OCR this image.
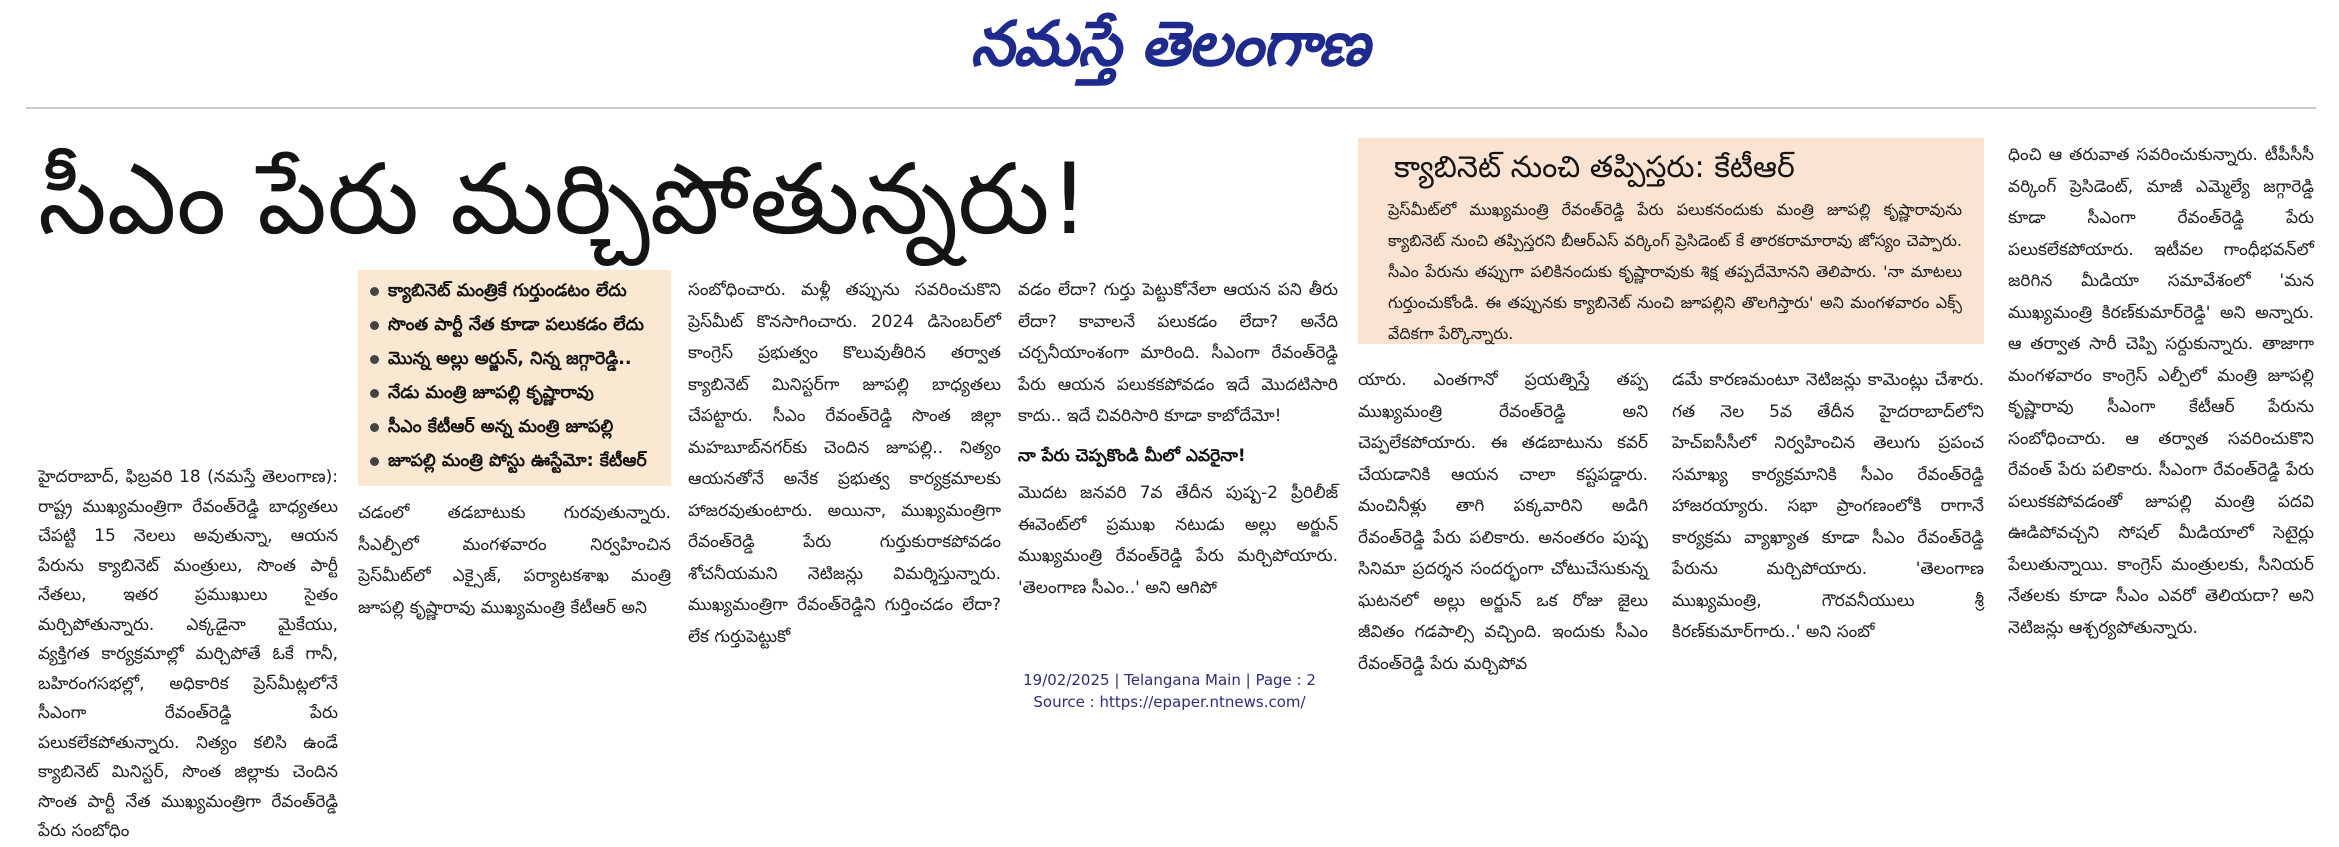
నమస్తే తెలంగాణ
సీఎం పేరు మర్చిపోతున్నరు!

హైదరాబాద్, ఫిబ్రవరి 18 (నమస్తే తెలంగాణ): రాష్ట్ర ముఖ్యమంత్రిగా రేవంత్‌రెడ్డి బాధ్యతలు చేపట్టి 15 నెలలు అవుతున్నా, ఆయన పేరును క్యాబినెట్ మంత్రులు, సొంత పార్టీ నేతలు, ఇతర ప్రముఖులు సైతం మర్చిపోతున్నారు. ఎక్కడైనా మైకేయు, వ్యక్తిగత కార్యక్రమాల్లో మర్చిపోతే ఓకే గానీ, బహిరంగసభల్లో, అధికారిక ప్రెస్‌మీట్లలోనే సీఎంగా రేవంత్‌రెడ్డి పేరు పలుకలేకపోతున్నారు. నిత్యం కలిసి ఉండే క్యాబినెట్ మినిస్టర్, సొంత జిల్లాకు చెందిన సొంత పార్టీ నేత ముఖ్యమంత్రిగా రేవంత్‌రెడ్డి పేరు సంబోధిం

క్యాబినెట్ మంత్రికే గుర్తుండటం లేదు
సొంత పార్టీ నేత కూడా పలుకడం లేదు
మొన్న అల్లు అర్జున్, నిన్న జగ్గారెడ్డి..
నేడు మంత్రి జూపల్లి కృష్ణారావు
సీఎం కేటీఆర్ అన్న మంత్రి జూపల్లి
జూపల్లి మంత్రి పోస్టు ఊస్టేమో: కేటీఆర్

చడంలో తడబాటుకు గురవుతున్నారు. సీఎల్పీలో మంగళవారం నిర్వహించిన ప్రెస్‌మీట్‌లో ఎక్సైజ్, పర్యాటకశాఖ మంత్రి జూపల్లి కృష్ణారావు ముఖ్యమంత్రి కేటీఆర్ అని

సంబోధించారు. మళ్లీ తప్పును సవరించుకొని ప్రెస్‌మీట్ కొనసాగించారు. 2024 డిసెంబర్‌లో కాంగ్రెస్ ప్రభుత్వం కొలువుతీరిన తర్వాత క్యాబినెట్ మినిస్టర్‌గా జూపల్లి బాధ్యతలు చేపట్టారు. సీఎం రేవంత్‌రెడ్డి సొంత జిల్లా మహబూబ్‌నగర్‌కు చెందిన జూపల్లి.. నిత్యం ఆయనతోనే అనేక ప్రభుత్వ కార్యక్రమాలకు హాజరవుతుంటారు. అయినా, ముఖ్యమంత్రిగా రేవంత్‌రెడ్డి పేరు గుర్తుకురాకపోవడం శోచనీయమని నెటిజన్లు విమర్శిస్తున్నారు. ముఖ్యమంత్రిగా రేవంత్‌రెడ్డిని గుర్తించడం లేదా? లేక గుర్తుపెట్టుకో

వడం లేదా? గుర్తు పెట్టుకోనేలా ఆయన పని తీరు లేదా? కావాలనే పలుకడం లేదా? అనేది చర్చనీయాంశంగా మారింది. సీఎంగా రేవంత్‌రెడ్డి పేరు ఆయన పలుకకపోవడం ఇదే మొదటిసారి కాదు.. ఇదే చివరిసారి కూడా కాబోదేమో!

నా పేరు చెప్పకొండి మీలో ఎవరైనా!

మొదట జనవరి 7వ తేదీన పుష్ప-2 ప్రీరిలీజ్ ఈవెంట్‌లో ప్రముఖ నటుడు అల్లు అర్జున్ ముఖ్యమంత్రి రేవంత్‌రెడ్డి పేరు మర్చిపోయారు. 'తెలంగాణ సీఎం..' అని ఆగిపో

క్యాబినెట్ నుంచి తప్పిస్తరు: కేటీఆర్
ప్రెస్‌మీట్‌లో ముఖ్యమంత్రి రేవంత్‌రెడ్డి పేరు పలుకనందుకు మంత్రి జూపల్లి కృష్ణారావును క్యాబినెట్ నుంచి తప్పిస్తరని బీఆర్ఎస్ వర్కింగ్ ప్రెసిడెంట్ కే తారకరామారావు జోస్యం చెప్పారు. సీఎం పేరును తప్పుగా పలికినందుకు కృష్ణారావుకు శిక్ష తప్పదేమోనని తెలిపారు. 'నా మాటలు గుర్తుంచుకోండి. ఈ తప్పునకు క్యాబినెట్ నుంచి జూపల్లిని తొలగిస్తారు' అని మంగళవారం ఎక్స్ వేదికగా పేర్కొన్నారు.

యారు. ఎంతగానో ప్రయత్నిస్తే తప్ప ముఖ్యమంత్రి రేవంత్‌రెడ్డి అని చెప్పలేకపోయారు. ఈ తడబాటును కవర్ చేయడానికి ఆయన చాలా కష్టపడ్డారు. మంచినీళ్లు తాగి పక్కవారిని అడిగి రేవంత్‌రెడ్డి పేరు పలికారు. అనంతరం పుష్ప సినిమా ప్రదర్శన సందర్భంగా చోటుచేసుకున్న ఘటనలో అల్లు అర్జున్ ఒక రోజు జైలు జీవితం గడపాల్సి వచ్చింది. ఇందుకు సీఎం రేవంత్‌రెడ్డి పేరు మర్చిపోవ

డమే కారణమంటూ నెటిజన్లు కామెంట్లు చేశారు. గత నెల 5వ తేదీన హైదరాబాద్‌లోని హెచ్ఐసీసీలో నిర్వహించిన తెలుగు ప్రపంచ సమాఖ్య కార్యక్రమానికి సీఎం రేవంత్‌రెడ్డి హాజరయ్యారు. సభా ప్రాంగణంలోకి రాగానే కార్యక్రమ వ్యాఖ్యాత కూడా సీఎం రేవంత్‌రెడ్డి పేరును మర్చిపోయారు. 'తెలంగాణ ముఖ్యమంత్రి, గౌరవనీయులు శ్రీ కిరణ్‌కుమార్‌గారు..' అని సంబో

ధించి ఆ తరువాత సవరించుకున్నారు. టీపీసీసీ వర్కింగ్ ప్రెసిడెంట్, మాజీ ఎమ్మెల్యే జగ్గారెడ్డి కూడా సీఎంగా రేవంత్‌రెడ్డి పేరు పలుకలేకపోయారు. ఇటీవల గాంధీభవన్‌లో జరిగిన మీడియా సమావేశంలో 'మన ముఖ్యమంత్రి కిరణ్‌కుమార్‌రెడ్డి' అని అన్నారు. ఆ తర్వాత సారీ చెప్పి సర్దుకున్నారు. తాజాగా మంగళవారం కాంగ్రెస్ ఎల్పీలో మంత్రి జూపల్లి కృష్ణారావు సీఎంగా కేటీఆర్ పేరును సంబోధించారు. ఆ తర్వాత సవరించుకొని రేవంత్ పేరు పలికారు. సీఎంగా రేవంత్‌రెడ్డి పేరు పలుకకపోవడంతో జూపల్లి మంత్రి పదవి ఊడిపోవచ్చని సోషల్ మీడియాలో సెటైర్లు పేలుతున్నాయి. కాంగ్రెస్ మంత్రులకు, సీనియర్ నేతలకు కూడా సీఎం ఎవరో తెలియదా? అని నెటిజన్లు ఆశ్చర్యపోతున్నారు.

19/02/2025 | Telangana Main | Page : 2
Source : https://epaper.ntnews.com/
